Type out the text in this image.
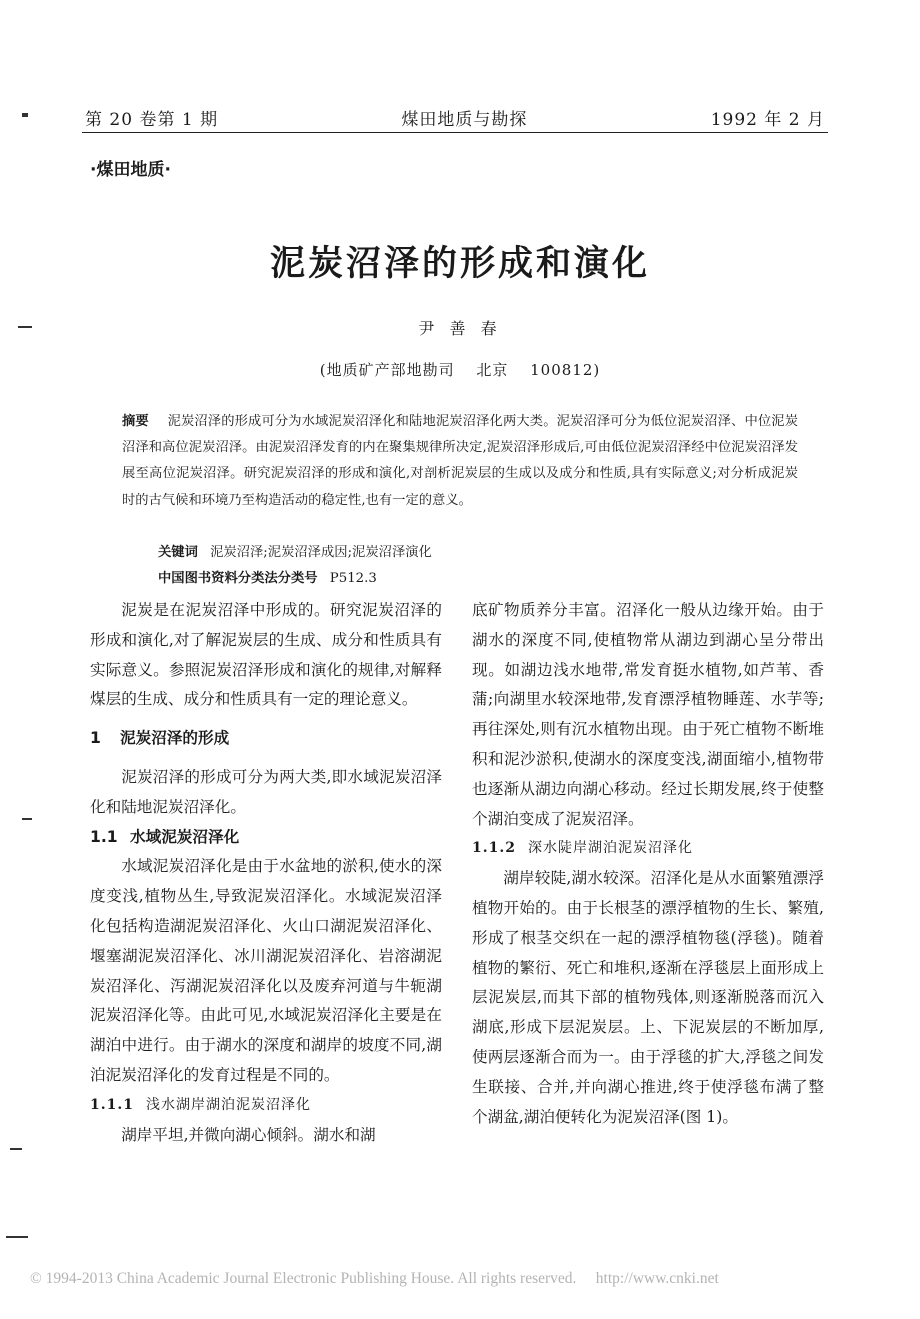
第 20 卷第 1 期	煤田地质与勘探	1992 年 2 月
·煤田地质·
泥炭沼泽的形成和演化
尹 善 春
(地质矿产部地勘司　 北京　 100812)
摘要 泥炭沼泽的形成可分为水域泥炭沼泽化和陆地泥炭沼泽化两大类。泥炭沼泽可分为低位泥炭沼泽、中位泥炭沼泽和高位泥炭沼泽。由泥炭沼泽发育的内在聚集规律所决定,泥炭沼泽形成后,可由低位泥炭沼泽经中位泥炭沼泽发展至高位泥炭沼泽。研究泥炭沼泽的形成和演化,对剖析泥炭层的生成以及成分和性质,具有实际意义;对分析成泥炭时的古气候和环境乃至构造活动的稳定性,也有一定的意义。
关键词 泥炭沼泽;泥炭沼泽成因;泥炭沼泽演化
中国图书资料分类法分类号 P512.3

泥炭是在泥炭沼泽中形成的。研究泥炭沼泽的形成和演化,对了解泥炭层的生成、成分和性质具有实际意义。参照泥炭沼泽形成和演化的规律,对解释煤层的生成、成分和性质具有一定的理论意义。

1 泥炭沼泽的形成

泥炭沼泽的形成可分为两大类,即水域泥炭沼泽化和陆地泥炭沼泽化。

1.1 水域泥炭沼泽化

水域泥炭沼泽化是由于水盆地的淤积,使水的深度变浅,植物丛生,导致泥炭沼泽化。水域泥炭沼泽化包括构造湖泥炭沼泽化、火山口湖泥炭沼泽化、堰塞湖泥炭沼泽化、冰川湖泥炭沼泽化、岩溶湖泥炭沼泽化、泻湖泥炭沼泽化以及废弃河道与牛轭湖泥炭沼泽化等。由此可见,水域泥炭沼泽化主要是在湖泊中进行。由于湖水的深度和湖岸的坡度不同,湖泊泥炭沼泽化的发育过程是不同的。

1.1.1 浅水湖岸湖泊泥炭沼泽化

湖岸平坦,并微向湖心倾斜。湖水和湖

底矿物质养分丰富。沼泽化一般从边缘开始。由于湖水的深度不同,使植物常从湖边到湖心呈分带出现。如湖边浅水地带,常发育挺水植物,如芦苇、香蒲;向湖里水较深地带,发育漂浮植物睡莲、水芋等;再往深处,则有沉水植物出现。由于死亡植物不断堆积和泥沙淤积,使湖水的深度变浅,湖面缩小,植物带也逐渐从湖边向湖心移动。经过长期发展,终于使整个湖泊变成了泥炭沼泽。

1.1.2 深水陡岸湖泊泥炭沼泽化

湖岸较陡,湖水较深。沼泽化是从水面繁殖漂浮植物开始的。由于长根茎的漂浮植物的生长、繁殖,形成了根茎交织在一起的漂浮植物毯(浮毯)。随着植物的繁衍、死亡和堆积,逐渐在浮毯层上面形成上层泥炭层,而其下部的植物残体,则逐渐脱落而沉入湖底,形成下层泥炭层。上、下泥炭层的不断加厚,使两层逐渐合而为一。由于浮毯的扩大,浮毯之间发生联接、合并,并向湖心推进,终于使浮毯布满了整个湖盆,湖泊便转化为泥炭沼泽(图 1)。

© 1994-2013 China Academic Journal Electronic Publishing House. All rights reserved.　 http://www.cnki.net
